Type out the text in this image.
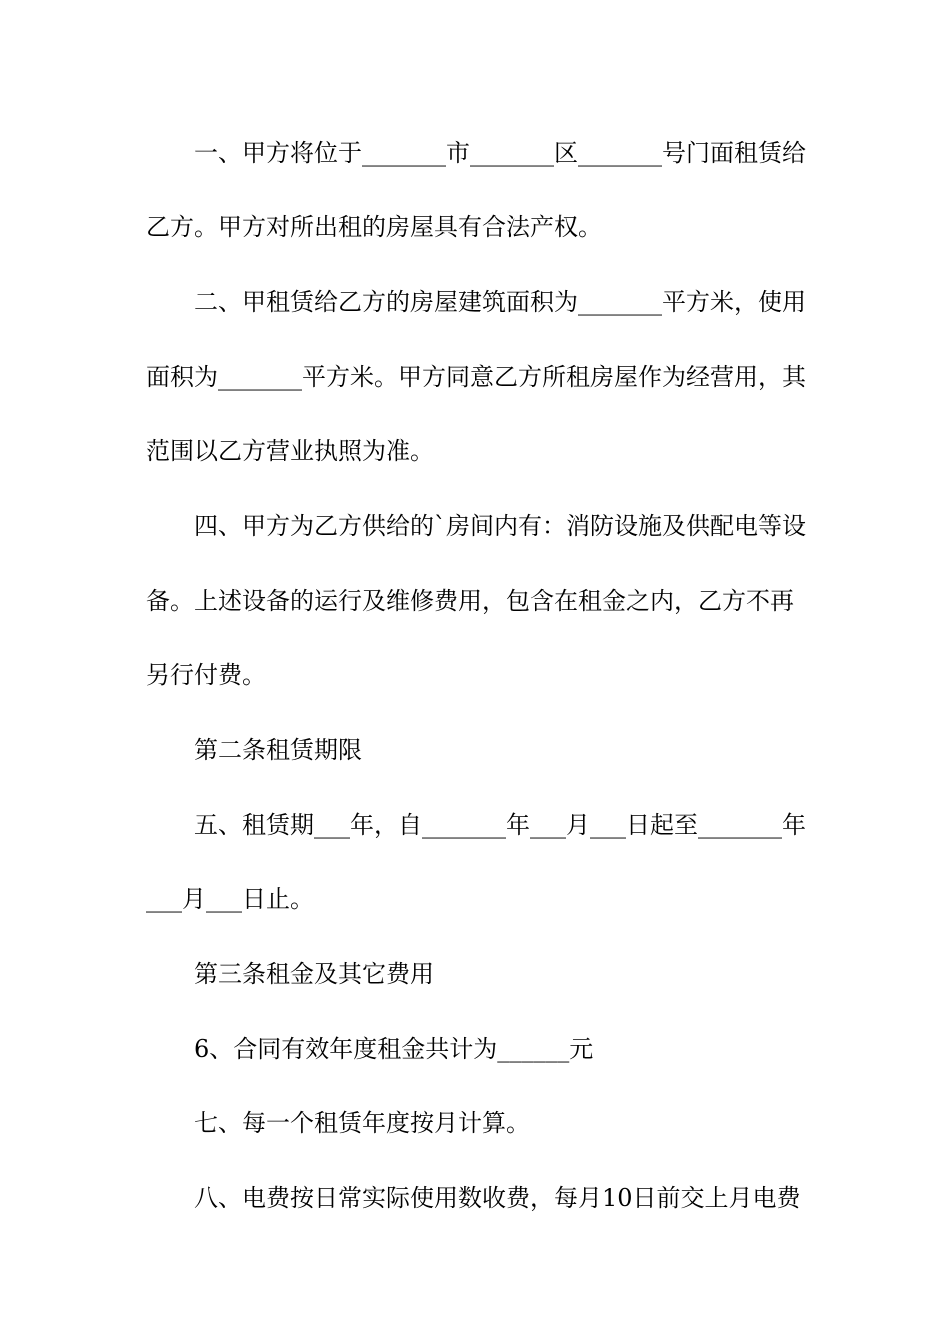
一、甲方将位于_______市_______区_______号门面租赁给
乙方。甲方对所出租的房屋具有合法产权。
二、甲租赁给乙方的房屋建筑面积为_______平方米，使用
面积为_______平方米。甲方同意乙方所租房屋作为经营用，其
范围以乙方营业执照为准。
四、甲方为乙方供给的`房间内有：消防设施及供配电等设
备。上述设备的运行及维修费用，包含在租金之内，乙方不再
另行付费。
第二条租赁期限
五、租赁期___年，自_______年___月___日起至_______年
___月___日止。
第三条租金及其它费用
6、合同有效年度租金共计为______元
七、每一个租赁年度按月计算。
八、电费按日常实际使用数收费，每月10日前交上月电费
